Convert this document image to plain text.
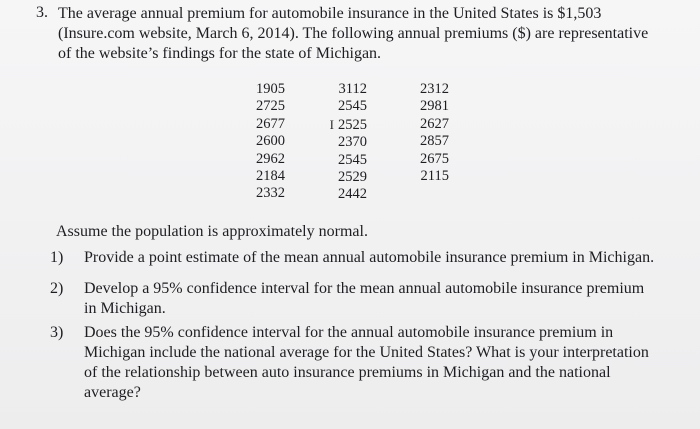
3. The average annual premium for automobile insurance in the United States is $1,503
(Insure.com website, March 6, 2014). The following annual premiums ($) are representative
of the website’s findings for the state of Michigan.
1905
2725
2677
2600
2962
2184
2332
3112
2545
I 2525
2370
2545
2529
2442
2312
2981
2627
2857
2675
2115
Assume the population is approximately normal.
1) Provide a point estimate of the mean annual automobile insurance premium in Michigan.
2) Develop a 95% confidence interval for the mean annual automobile insurance premium
in Michigan.
3) Does the 95% confidence interval for the annual automobile insurance premium in
Michigan include the national average for the United States? What is your interpretation
of the relationship between auto insurance premiums in Michigan and the national
average?
